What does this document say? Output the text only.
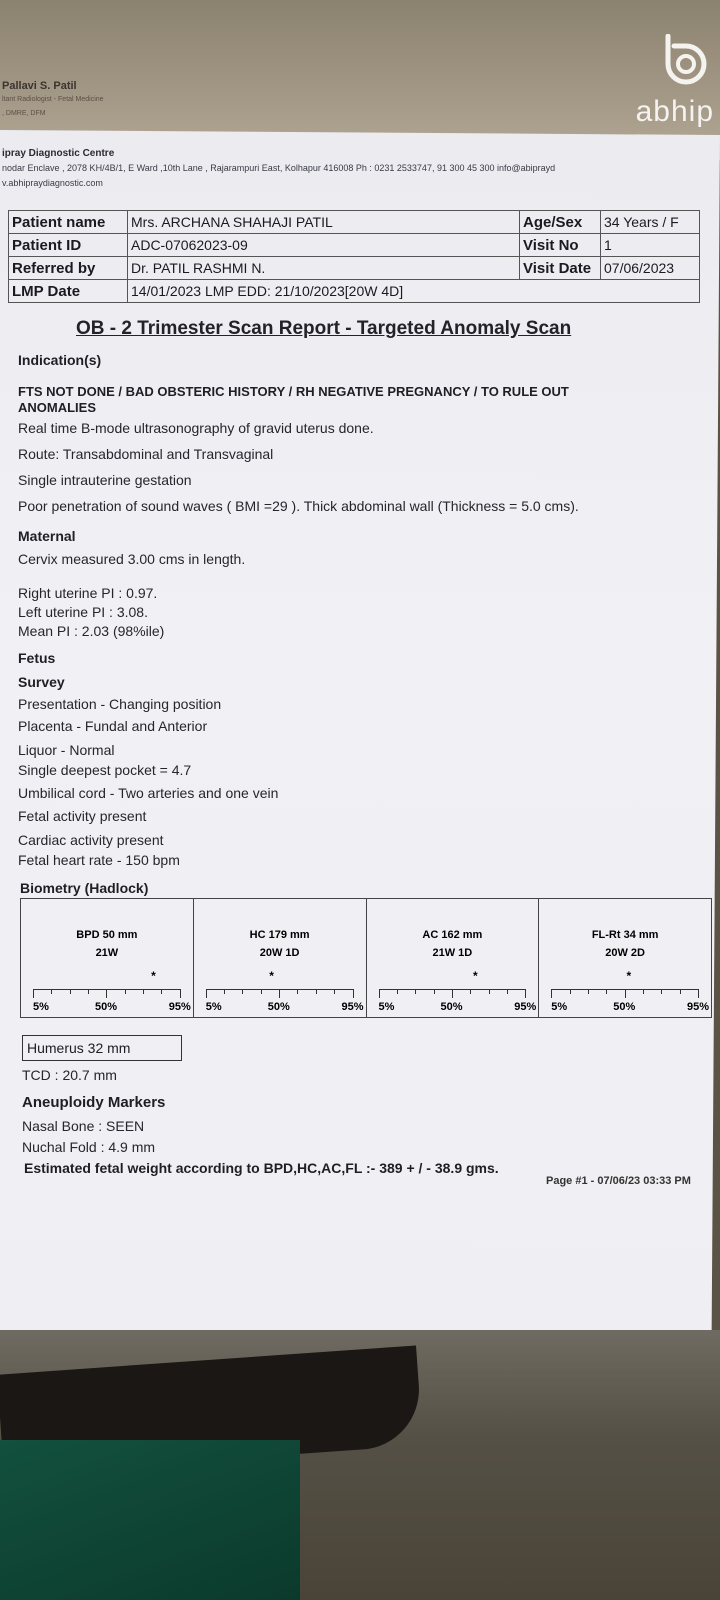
Pallavi S. Patil
ltant Radiologist - Fetal Medicine
, DMRE, DFM	abhip
ipray Diagnostic Centre
nodar Enclave , 2078 KH/4B/1, E Ward ,10th Lane , Rajarampuri East, Kolhapur 416008 Ph : 0231 2533747, 91 300 45 300 info@abiprayd
v.abhipraydiagnostic.com
Patient name	Mrs. ARCHANA SHAHAJI PATIL	Age/Sex	34 Years / F
Patient ID	ADC-07062023-09	Visit No	1
Referred by	Dr. PATIL RASHMI N.	Visit Date	07/06/2023
LMP Date	14/01/2023 LMP EDD: 21/10/2023[20W 4D]		
OB - 2 Trimester Scan Report - Targeted Anomaly Scan
Indication(s)
FTS NOT DONE / BAD OBSTERIC HISTORY / RH NEGATIVE PREGNANCY / TO RULE OUT
ANOMALIES
Real time B-mode ultrasonography of gravid uterus done.
Route: Transabdominal and Transvaginal
Single intrauterine gestation
Poor penetration of sound waves ( BMI =29 ). Thick abdominal wall (Thickness = 5.0 cms).
Maternal
Cervix measured 3.00 cms in length.
Right uterine PI : 0.97.
Left uterine PI : 3.08.
Mean PI : 2.03 (98%ile)
Fetus
Survey
Presentation - Changing position
Placenta - Fundal and Anterior
Liquor - Normal
Single deepest pocket = 4.7
Umbilical cord - Two arteries and one vein
Fetal activity present
Cardiac activity present
Fetal heart rate - 150 bpm
Biometry (Hadlock)
BPD 50 mm
21W
*
5%	50%	95%
HC 179 mm
20W 1D
*
5%	50%	95%
AC 162 mm
21W 1D
*
5%	50%	95%
FL-Rt 34 mm
20W 2D
*
5%	50%	95%
Humerus 32 mm
TCD : 20.7 mm
Aneuploidy Markers
Nasal Bone : SEEN
Nuchal Fold : 4.9 mm
Estimated fetal weight according to BPD,HC,AC,FL :- 389 + / - 38.9 gms.
Page #1 - 07/06/23 03:33 PM
